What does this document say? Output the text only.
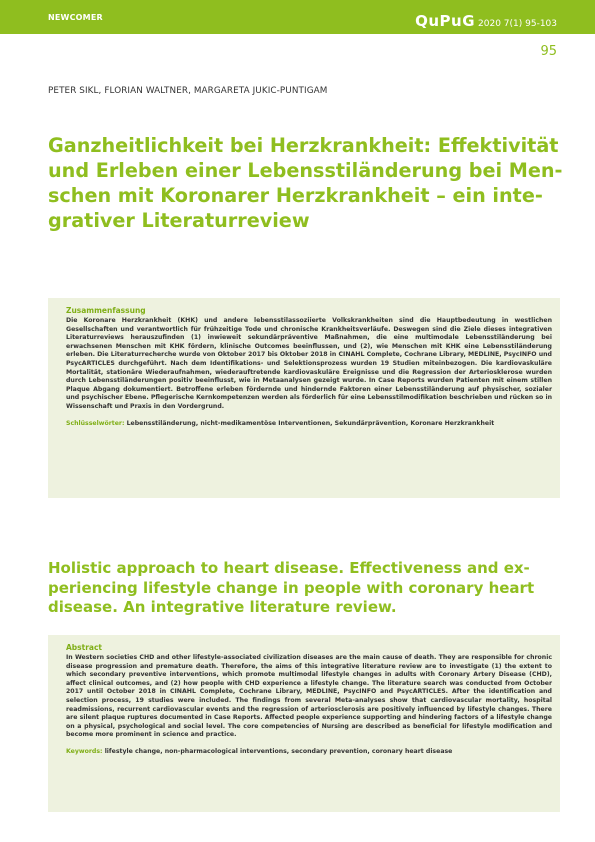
NEWCOMER	QuPuG 2020 7(1) 95-103
95
PETER SIKL, FLORIAN WALTNER, MARGARETA JUKIC-PUNTIGAM
Ganzheitlichkeit bei Herzkrankheit: Effektivität
und Erleben einer Lebensstiländerung bei Men-
schen mit Koronarer Herzkrankheit – ein inte-
grativer Literaturreview

Zusammenfassung

Die Koronare Herzkrankheit (KHK) und andere lebensstilassoziierte Volkskrankheiten sind die Hauptbedeutung in westlichen Gesellschaften und verantwortlich für frühzeitige Tode und chronische Krankheitsverläufe. Deswegen sind die Ziele dieses integrativen Literaturreviews herauszufinden (1) inwieweit sekundärpräventive Maßnahmen, die eine multimodale Lebensstiländerung bei erwachsenen Menschen mit KHK fördern, klinische Outcomes beeinflussen, und (2), wie Menschen mit KHK eine Lebensstiländerung erleben. Die Literaturrecherche wurde von Oktober 2017 bis Oktober 2018 in CINAHL Complete, Cochrane Library, MEDLINE, PsycINFO und PsycARTICLES durchgeführt. Nach dem Identifikations- und Selektionsprozess wurden 19 Studien miteinbezogen. Die kardiovaskuläre Mortalität, stationäre Wiederaufnahmen, wiederauftretende kardiovaskuläre Ereignisse und die Regression der Arteriosklerose wurden durch Lebensstiländerungen positiv beeinflusst, wie in Metaanalysen gezeigt wurde. In Case Reports wurden Patienten mit einem stillen Plaque Abgang dokumentiert. Betroffene erleben fördernde und hindernde Faktoren einer Lebensstiländerung auf physischer, sozialer und psychischer Ebene. Pflegerische Kernkompetenzen werden als förderlich für eine Lebensstilmodifikation beschrieben und rücken so in Wissenschaft und Praxis in den Vordergrund.

Schlüsselwörter: Lebensstiländerung, nicht-medikamentöse Interventionen, Sekundärprävention, Koronare Herzkrankheit

Holistic approach to heart disease. Effectiveness and ex-
periencing lifestyle change in people with coronary heart
disease. An integrative literature review.

Abstract

In Western societies CHD and other lifestyle-associated civilization diseases are the main cause of death. They are responsible for chronic disease progression and premature death. Therefore, the aims of this integrative literature review are to investigate (1) the extent to which secondary preventive interventions, which promote multimodal lifestyle changes in adults with Coronary Artery Disease (CHD), affect clinical outcomes, and (2) how people with CHD experience a lifestyle change. The literature search was conducted from October 2017 until October 2018 in CINAHL Complete, Cochrane Library, MEDLINE, PsycINFO and PsycARTICLES. After the identification and selection process, 19 studies were included. The findings from several Meta-analyses show that cardiovascular mortality, hospital readmissions, recurrent cardiovascular events and the regression of arteriosclerosis are positively influenced by lifestyle changes. There are silent plaque ruptures documented in Case Reports. Affected people experience supporting and hindering factors of a lifestyle change on a physical, psychological and social level. The core competencies of Nursing are described as beneficial for lifestyle modification and become more prominent in science and practice.

Keywords: lifestyle change, non-pharmacological interventions, secondary prevention, coronary heart disease
